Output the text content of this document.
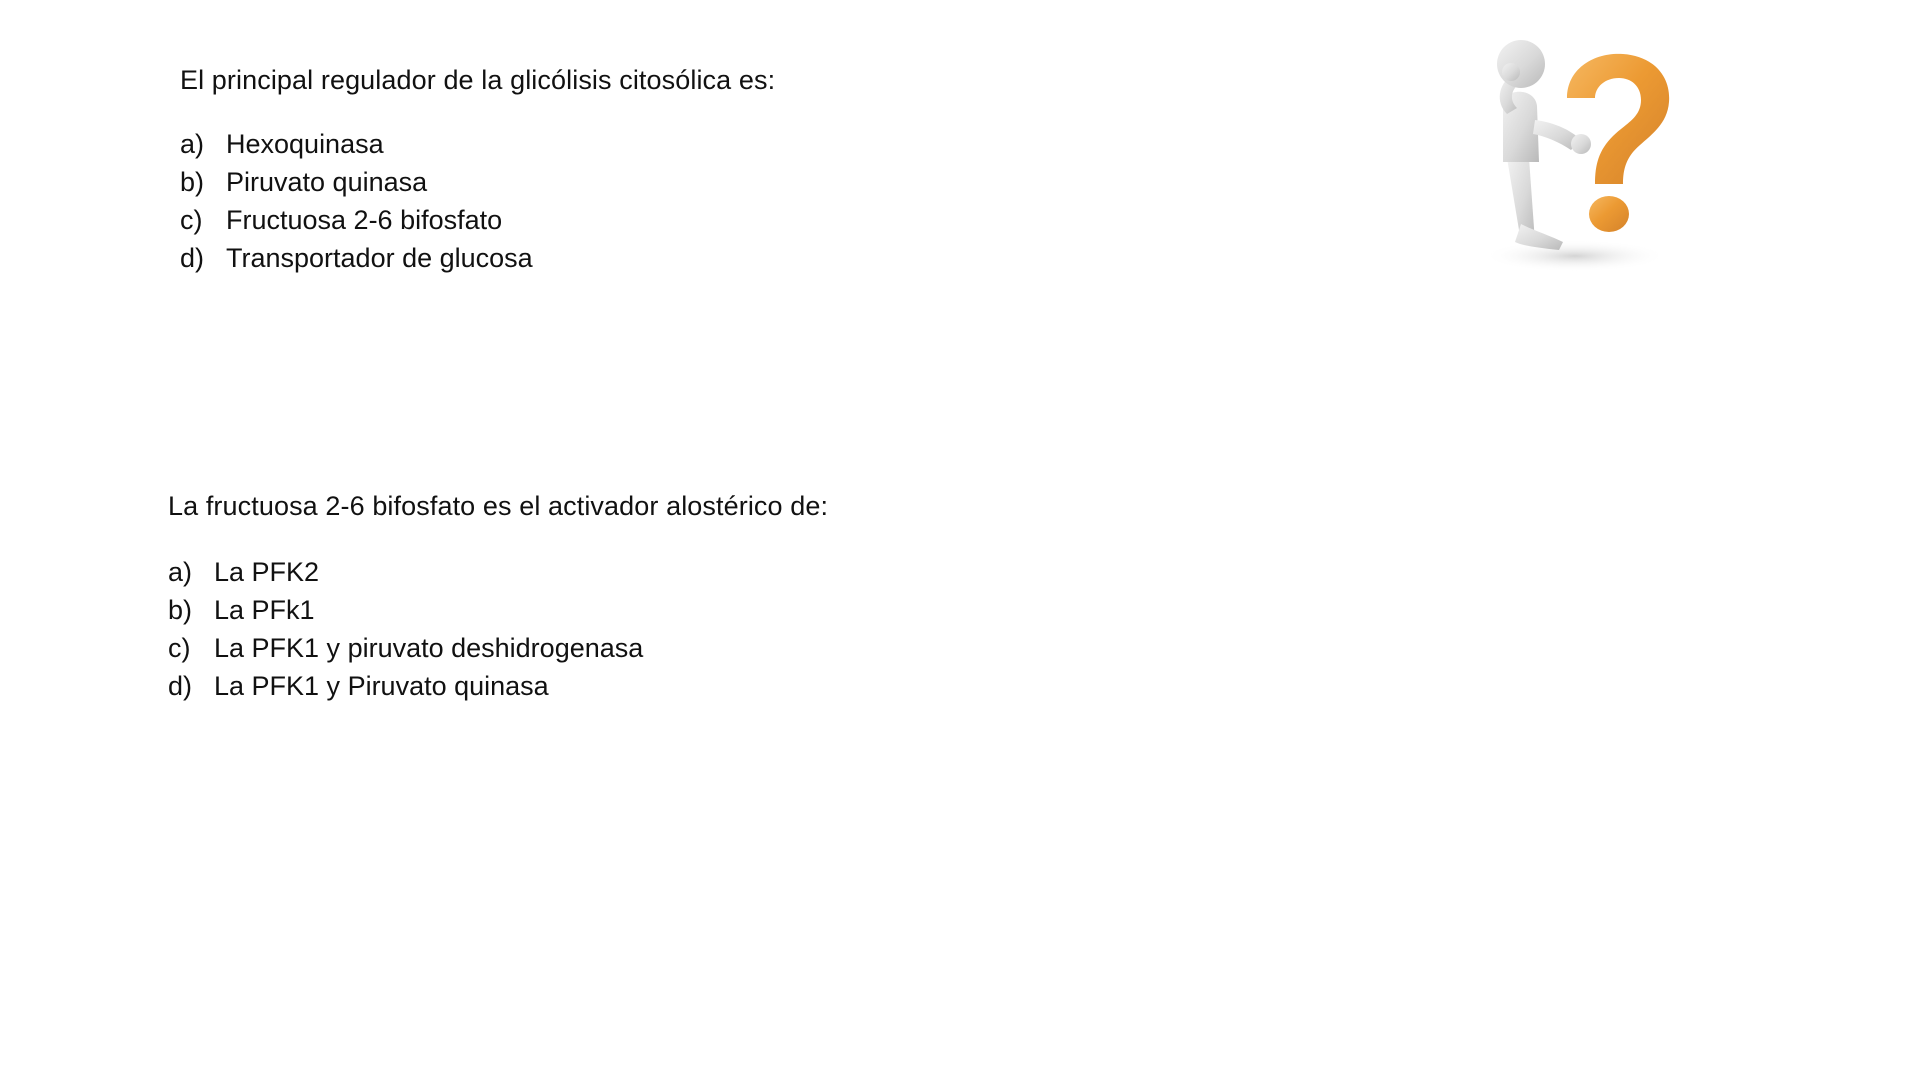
El principal regulador de la glicólisis citosólica es:
a) Hexoquinasa
b) Piruvato quinasa
c) Fructuosa 2-6 bifosfato
d) Transportador de glucosa
La fructuosa 2-6 bifosfato es el activador alostérico de:
a) La PFK2
b) La PFk1
c) La PFK1 y piruvato deshidrogenasa
d) La PFK1 y Piruvato quinasa
